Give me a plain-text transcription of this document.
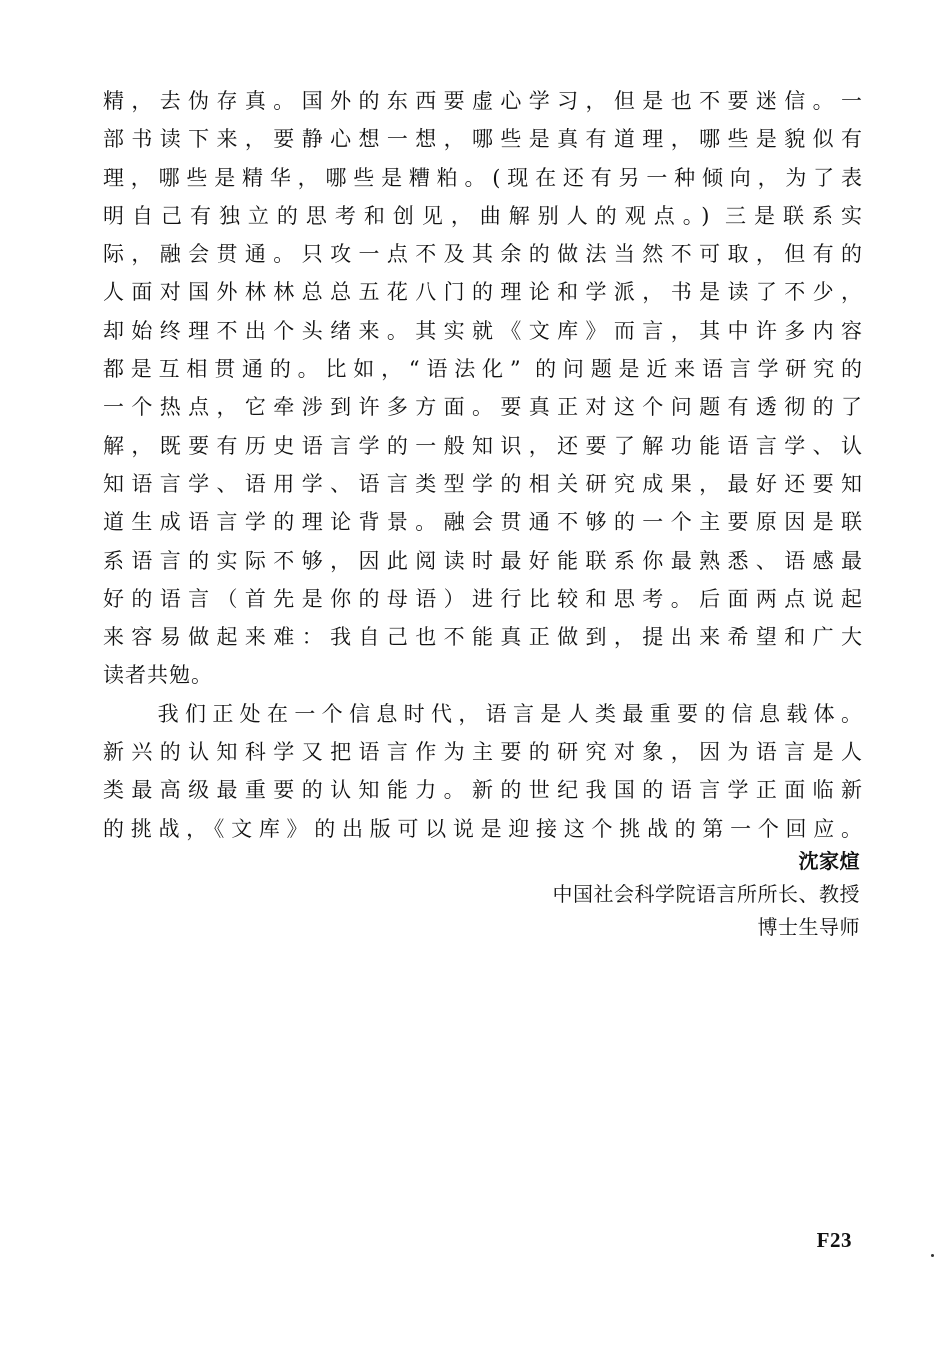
精，去伪存真。国外的东西要虚心学习，但是也不要迷信。一
部书读下来，要静心想一想，哪些是真有道理，哪些是貌似有
理，哪些是精华，哪些是糟粕。(现在还有另一种倾向，为了表
明自己有独立的思考和创见，曲解别人的观点。) 三是联系实
际，融会贯通。只攻一点不及其余的做法当然不可取，但有的
人面对国外林林总总五花八门的理论和学派，书是读了不少，
却始终理不出个头绪来。其实就《文库》而言，其中许多内容
都是互相贯通的。比如，“语法化” 的问题是近来语言学研究的
一个热点，它牵涉到许多方面。要真正对这个问题有透彻的了
解，既要有历史语言学的一般知识，还要了解功能语言学、认
知语言学、语用学、语言类型学的相关研究成果，最好还要知
道生成语言学的理论背景。融会贯通不够的一个主要原因是联
系语言的实际不够，因此阅读时最好能联系你最熟悉、语感最
好的语言（首先是你的母语）进行比较和思考。后面两点说起
来容易做起来难：我自己也不能真正做到，提出来希望和广大
读者共勉。
　　我们正处在一个信息时代，语言是人类最重要的信息载体。
新兴的认知科学又把语言作为主要的研究对象，因为语言是人
类最高级最重要的认知能力。新的世纪我国的语言学正面临新
的挑战，《文库》的出版可以说是迎接这个挑战的第一个回应。
沈家煊
中国社会科学院语言所所长、教授
博士生导师
F23
